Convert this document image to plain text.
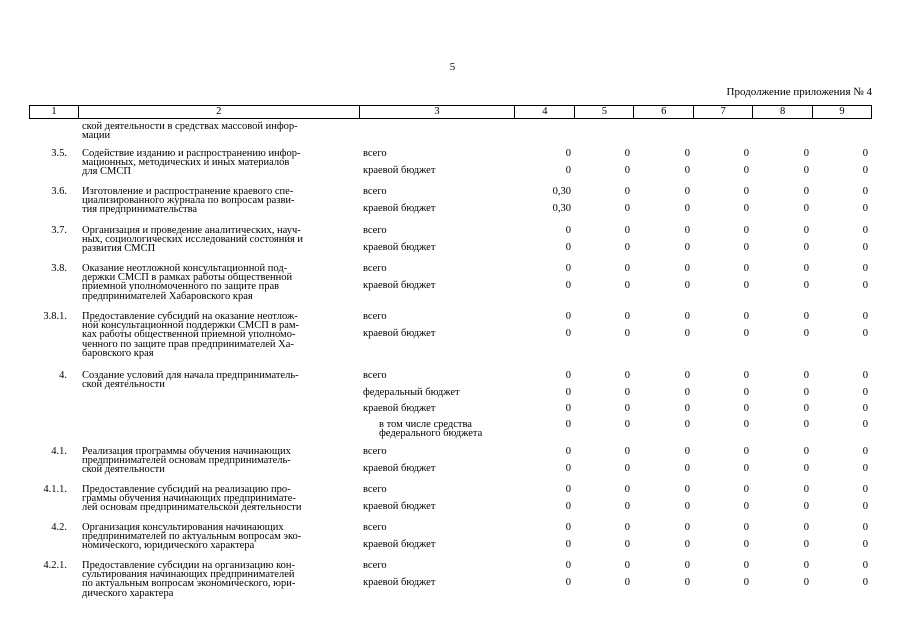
5
Продолжение приложения № 4
1	2	3	4	5	6	7	8	9
ской деятельности в средствах массовой инфор-
мации
3.5. Содействие изданию и распространению инфор-
мационных, методических и иных материалов
для СМСП
всего	0	0	0	0	0	0
краевой бюджет	0	0	0	0	0	0
3.6. Изготовление и распространение краевого спе-
циализированного журнала по вопросам разви-
тия предпринимательства
всего	0,30	0	0	0	0	0
краевой бюджет	0,30	0	0	0	0	0
3.7. Организация и проведение аналитических, науч-
ных, социологических исследований состояния и
развития СМСП
всего	0	0	0	0	0	0
краевой бюджет	0	0	0	0	0	0
3.8. Оказание неотложной консультационной под-
держки СМСП в рамках работы общественной
приемной уполномоченного по защите прав
предпринимателей Хабаровского края
всего	0	0	0	0	0	0
краевой бюджет	0	0	0	0	0	0
3.8.1. Предоставление субсидий на оказание неотлож-
ной консультационной поддержки СМСП в рам-
ках работы общественной приемной уполномо-
ченного по защите прав предпринимателей Ха-
баровского края
всего	0	0	0	0	0	0
краевой бюджет	0	0	0	0	0	0
4. Создание условий для начала предприниматель-
ской деятельности
всего	0	0	0	0	0	0
федеральный бюджет	0	0	0	0	0	0
краевой бюджет	0	0	0	0	0	0
в том числе средства
федерального бюджета
0	0	0	0	0	0
4.1. Реализация программы обучения начинающих
предпринимателей основам предприниматель-
ской деятельности
всего	0	0	0	0	0	0
краевой бюджет	0	0	0	0	0	0
4.1.1. Предоставление субсидий на реализацию про-
граммы обучения начинающих предпринимате-
лей основам предпринимательской деятельности
всего	0	0	0	0	0	0
краевой бюджет	0	0	0	0	0	0
4.2. Организация консультирования начинающих
предпринимателей по актуальным вопросам эко-
номического, юридического характера
всего	0	0	0	0	0	0
краевой бюджет	0	0	0	0	0	0
4.2.1. Предоставление субсидии на организацию кон-
сультирования начинающих предпринимателей
по актуальным вопросам экономического, юри-
дического характера
всего	0	0	0	0	0	0
краевой бюджет	0	0	0	0	0	0
